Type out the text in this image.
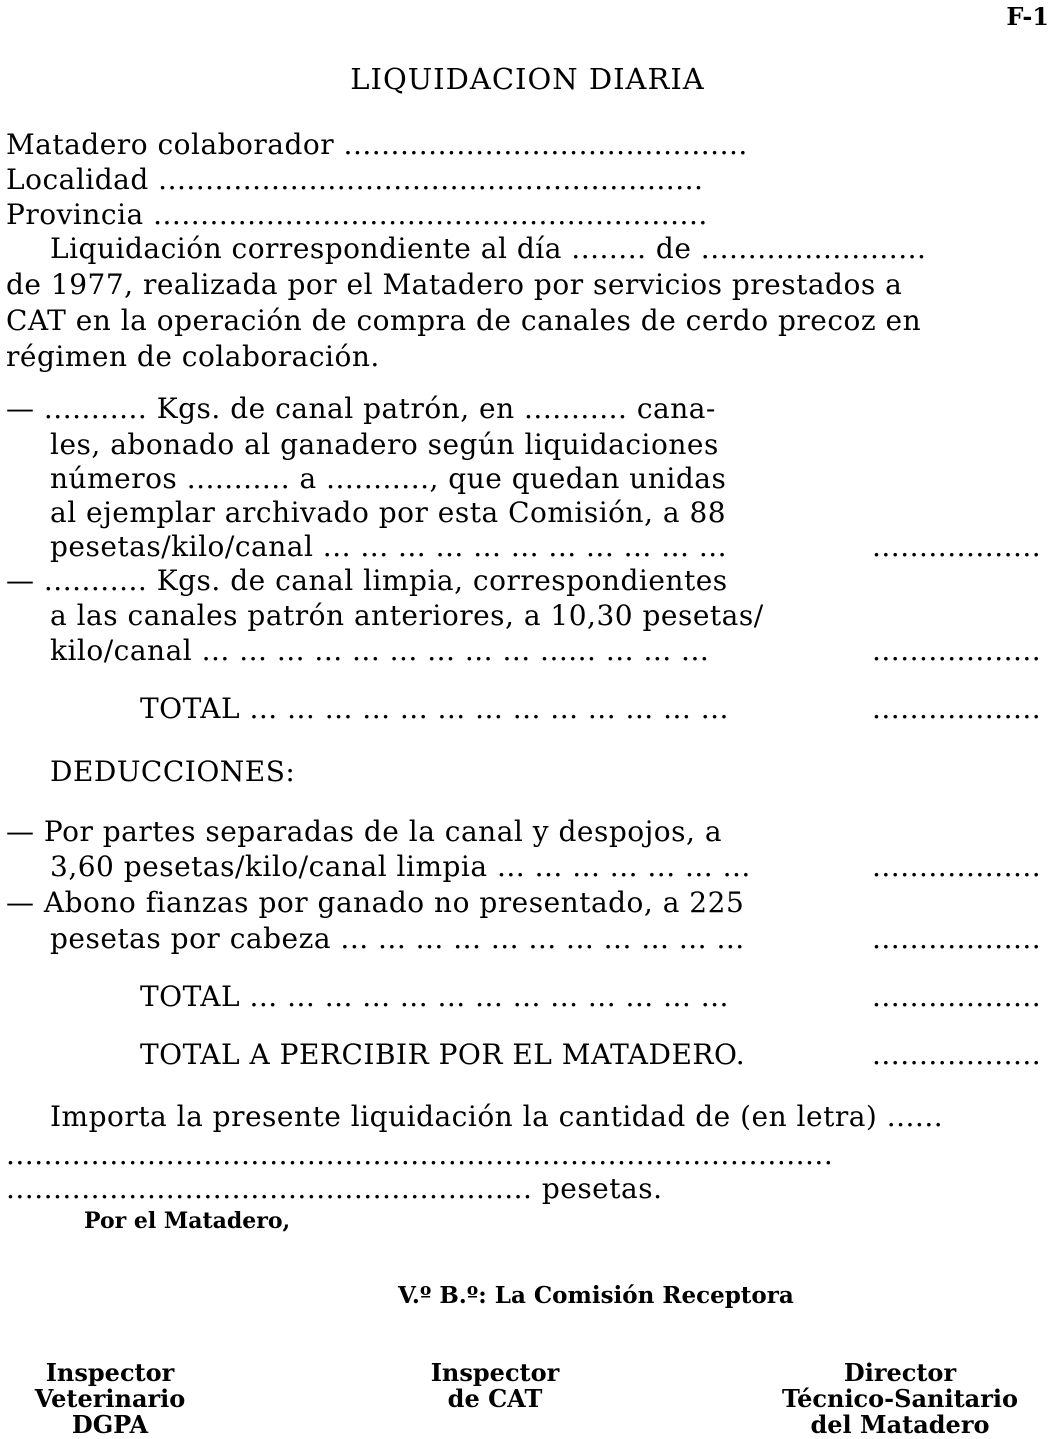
F-1
LIQUIDACION DIARIA
Matadero colaborador ...........................................
Localidad ..........................................................
Provincia ...........................................................
Liquidación correspondiente al día ........ de ........................
de 1977, realizada por el Matadero por servicios prestados a
CAT en la operación de compra de canales de cerdo precoz en
régimen de colaboración.
— ........... Kgs. de canal patrón, en ........... cana-
les, abonado al ganadero según liquidaciones
números ........... a ..........., que quedan unidas
al ejemplar archivado por esta Comisión, a 88
pesetas/kilo/canal ... ... ... ... ... ... ... ... ... ... ...	..................
— ........... Kgs. de canal limpia, correspondientes
a las canales patrón anteriores, a 10,30 pesetas/
kilo/canal ... ... ... ... ... ... ... ... ... ...... ... ... ...	..................
TOTAL ... ... ... ... ... ... ... ... ... ... ... ... ...	..................
DEDUCCIONES:
— Por partes separadas de la canal y despojos, a
3,60 pesetas/kilo/canal limpia ... ... ... ... ... ... ...	..................
— Abono fianzas por ganado no presentado, a 225
pesetas por cabeza ... ... ... ... ... ... ... ... ... ... ...	..................
TOTAL ... ... ... ... ... ... ... ... ... ... ... ... ...	..................
TOTAL A PERCIBIR POR EL MATADERO.	..................
Importa la presente liquidación la cantidad de (en letra) ......
........................................................................................
........................................................ pesetas.
Por el Matadero,
V.º B.º: La Comisión Receptora
Inspector
Veterinario
DGPA
Inspector
de CAT
Director
Técnico-Sanitario
del Matadero
